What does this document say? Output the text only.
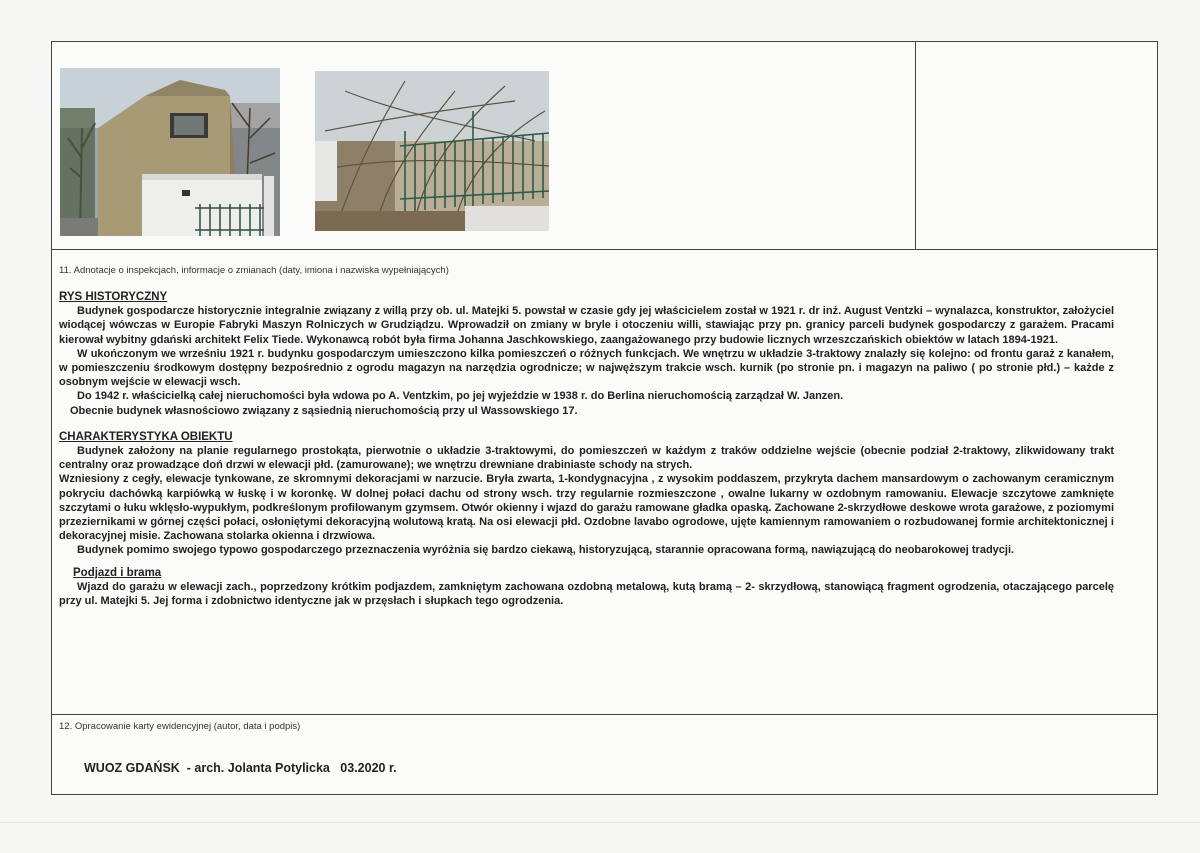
11. Adnotacje o inspekcjach, informacje o zmianach (daty, imiona i nazwiska wypełniających)

RYS HISTORYCZNY

Budynek gospodarcze historycznie integralnie związany z willą przy ob. ul. Matejki 5. powstał w czasie gdy jej właścicielem został w 1921 r. dr inż. August Ventzki – wynalazca, konstruktor, założyciel wiodącej wówczas w Europie Fabryki Maszyn Rolniczych w Grudziądzu. Wprowadził on zmiany w bryle i otoczeniu willi, stawiając przy pn. granicy parceli budynek gospodarczy z garażem. Pracami kierował wybitny gdański architekt Felix Tiede. Wykonawcą robót była firma Johanna Jaschkowskiego, zaangażowanego przy budowie licznych wrzeszczańskich obiektów w latach 1894-1921.

W ukończonym we wrześniu 1921 r. budynku gospodarczym umieszczono kilka pomieszczeń o różnych funkcjach. We wnętrzu w układzie 3-traktowy znalazły się kolejno: od frontu garaż z kanałem, w pomieszczeniu środkowym dostępny bezpośrednio z ogrodu magazyn na narzędzia ogrodnicze; w najwęższym trakcie wsch. kurnik (po stronie pn. i magazyn na paliwo ( po stronie płd.) – każde z osobnym wejście w elewacji wsch.

Do 1942 r. właścicielką całej nieruchomości była wdowa po A. Ventzkim, po jej wyjeździe w 1938 r. do Berlina nieruchomością zarządzał W. Janzen.

Obecnie budynek własnościowo związany z sąsiednią nieruchomością przy ul Wassowskiego 17.

CHARAKTERYSTYKA OBIEKTU

Budynek założony na planie regularnego prostokąta, pierwotnie o układzie 3-traktowymi, do pomieszczeń w każdym z traków oddzielne wejście (obecnie podział 2-traktowy, zlikwidowany trakt centralny oraz prowadzące doń drzwi w elewacji płd. (zamurowane); we wnętrzu drewniane drabiniaste schody na strych.

Wzniesiony z cegły, elewacje tynkowane, ze skromnymi dekoracjami w narzucie. Bryła zwarta, 1-kondygnacyjna , z wysokim poddaszem, przykryta dachem mansardowym o zachowanym ceramicznym pokryciu dachówką karpiówką w łuskę i w koronkę. W dolnej połaci dachu od strony wsch. trzy regularnie rozmieszczone , owalne lukarny w ozdobnym ramowaniu. Elewacje szczytowe zamknięte szczytami o łuku wklęsło-wypukłym, podkreślonym profilowanym gzymsem. Otwór okienny i wjazd do garażu ramowane gładka opaską. Zachowane 2-skrzydłowe deskowe wrota garażowe, z poziomymi przeziernikami w górnej części połaci, osłoniętymi dekoracyjną wolutową kratą. Na osi elewacji płd. Ozdobne lavabo ogrodowe, ujęte kamiennym ramowaniem o rozbudowanej formie architektonicznej i dekoracyjnej misie. Zachowana stolarka okienna i drzwiowa.

Budynek pomimo swojego typowo gospodarczego przeznaczenia wyróżnia się bardzo ciekawą, historyzującą, starannie opracowana formą, nawiązującą do neobarokowej tradycji.

Podjazd i brama

Wjazd do garażu w elewacji zach., poprzedzony krótkim podjazdem, zamkniętym zachowana ozdobną metalową, kutą bramą – 2- skrzydłową, stanowiącą fragment ogrodzenia, otaczającego parcelę przy ul. Matejki 5. Jej forma i zdobnictwo identyczne jak w przęsłach i słupkach tego ogrodzenia.

12. Opracowanie karty ewidencyjnej (autor, data i podpis)
WUOZ GDAŃSK  - arch. Jolanta Potylicka   03.2020 r.
